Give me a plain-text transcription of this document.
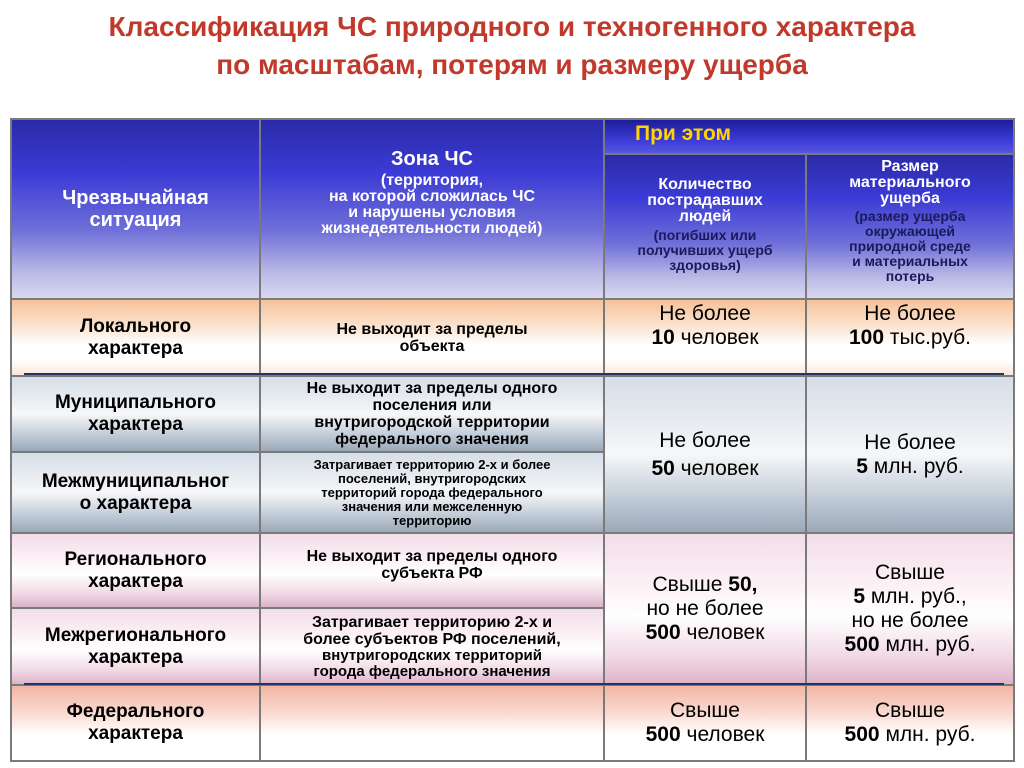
Классификация ЧС природного и техногенного характера
по масштабам, потерям и размеру ущерба
Чрезвычайная
ситуация
Зона ЧС
(территория,
на которой сложилась ЧС
и нарушены условия
жизнедеятельности людей)
При этом
Количество
пострадавших
людей
(погибших или
получивших ущерб
здоровья)
Размер
материального
ущерба
(размер ущерба
окружающей
природной среде
и материальных
потерь
Локального
характера
Не выходит за пределы
объекта
Не более
10 человек
Не более
100 тыс.руб.
Муниципального
характера
Не выходит за пределы одного
поселения или
внутригородской территории
федерального значения
Межмуниципальног
о характера
Затрагивает территорию 2-х и более
поселений, внутригородских
территорий города федерального
значения или межселенную
территорию
Не более
50 человек
Не более
5 млн. руб.
Регионального
характера
Не выходит за пределы одного
субъекта РФ
Межрегионального
характера
Затрагивает территорию 2-х и
более субъектов РФ поселений,
внутригородских территорий
города федерального значения
Свыше 50,
но не более
500 человек
Свыше
5 млн. руб.,
но не более
500 млн. руб.
Федерального
характера
Свыше
500 человек
Свыше
500 млн. руб.
